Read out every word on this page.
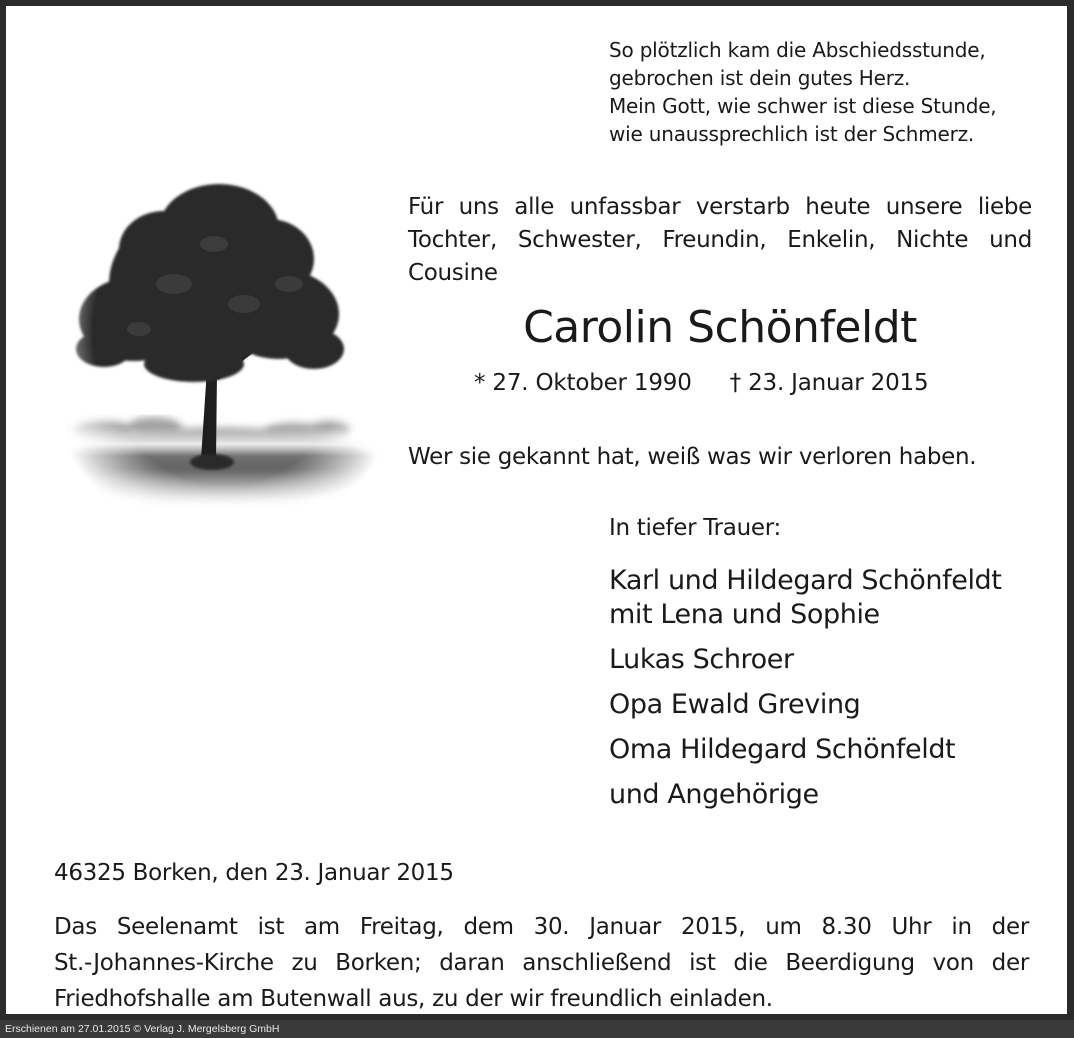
So plötzlich kam die Abschiedsstunde,
gebrochen ist dein gutes Herz.
Mein Gott, wie schwer ist diese Stunde,
wie unaussprechlich ist der Schmerz.
Für uns alle unfassbar verstarb heute unsere liebe
Tochter, Schwester, Freundin, Enkelin, Nichte und
Cousine
Carolin Schönfeldt
* 27. Oktober 1990 † 23. Januar 2015
Wer sie gekannt hat, weiß was wir verloren haben.
In tiefer Trauer:
Karl und Hildegard Schönfeldt
mit Lena und Sophie
Lukas Schroer
Opa Ewald Greving
Oma Hildegard Schönfeldt
und Angehörige
46325 Borken, den 23. Januar 2015
Das Seelenamt ist am Freitag, dem 30. Januar 2015, um 8.30 Uhr in der
St.-Johannes-Kirche zu Borken; daran anschließend ist die Beerdigung von der
Friedhofshalle am Butenwall aus, zu der wir freundlich einladen.
Erschienen am 27.01.2015 © Verlag J. Mergelsberg GmbH
